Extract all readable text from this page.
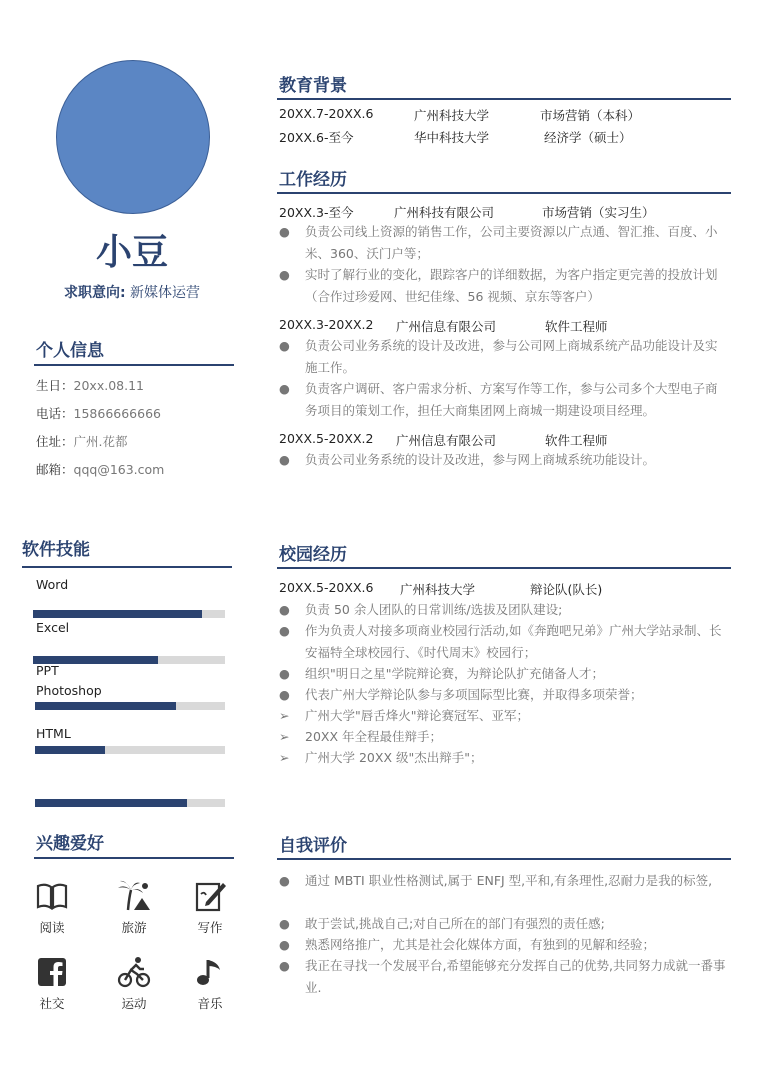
小豆
求职意向: 新媒体运营
个人信息
生日：20xx.08.11
电话：15866666666
住址：广州.花都
邮箱：qqq@163.com
软件技能
Word
Excel
PPT
Photoshop
HTML
兴趣爱好
阅读	旅游	写作
社交	运动	音乐
教育背景
20XX.7-20XX.6	广州科技大学	市场营销（本科）
20XX.6-至今	华中科技大学	经济学（硕士）
工作经历
20XX.3-至今	广州科技有限公司	市场营销（实习生）
●	负责公司线上资源的销售工作，公司主要资源以广点通、智汇推、百度、小米、360、沃门户等；
●	实时了解行业的变化，跟踪客户的详细数据，为客户指定更完善的投放计划（合作过珍爱网、世纪佳缘、56 视频、京东等客户）
20XX.3-20XX.2 广州信息有限公司	软件工程师
●	负责公司业务系统的设计及改进，参与公司网上商城系统产品功能设计及实施工作。
●	负责客户调研、客户需求分析、方案写作等工作，参与公司多个大型电子商务项目的策划工作，担任大商集团网上商城一期建设项目经理。
20XX.5-20XX.2 广州信息有限公司	软件工程师
●	负责公司业务系统的设计及改进，参与网上商城系统功能设计。
校园经历
20XX.5-20XX.6 广州科技大学	辩论队(队长)
●	负责 50 余人团队的日常训练/选拔及团队建设;
●	作为负责人对接多项商业校园行活动,如《奔跑吧兄弟》广州大学站录制、长安福特全球校园行、《时代周末》校园行；
●	组织"明日之星"学院辩论赛，为辩论队扩充储备人才；
●	代表广州大学辩论队参与多项国际型比赛，并取得多项荣誉；
➢	广州大学"唇舌烽火"辩论赛冠军、亚军；
➢	20XX 年全程最佳辩手；
➢	广州大学 20XX 级"杰出辩手"；
自我评价
●	通过 MBTI 职业性格测试,属于 ENFJ 型,平和,有条理性,忍耐力是我的标签,
●	敢于尝试,挑战自己;对自己所在的部门有强烈的责任感;
●	熟悉网络推广，尤其是社会化媒体方面，有独到的见解和经验；
●	我正在寻找一个发展平台,希望能够充分发挥自己的优势,共同努力成就一番事业.
